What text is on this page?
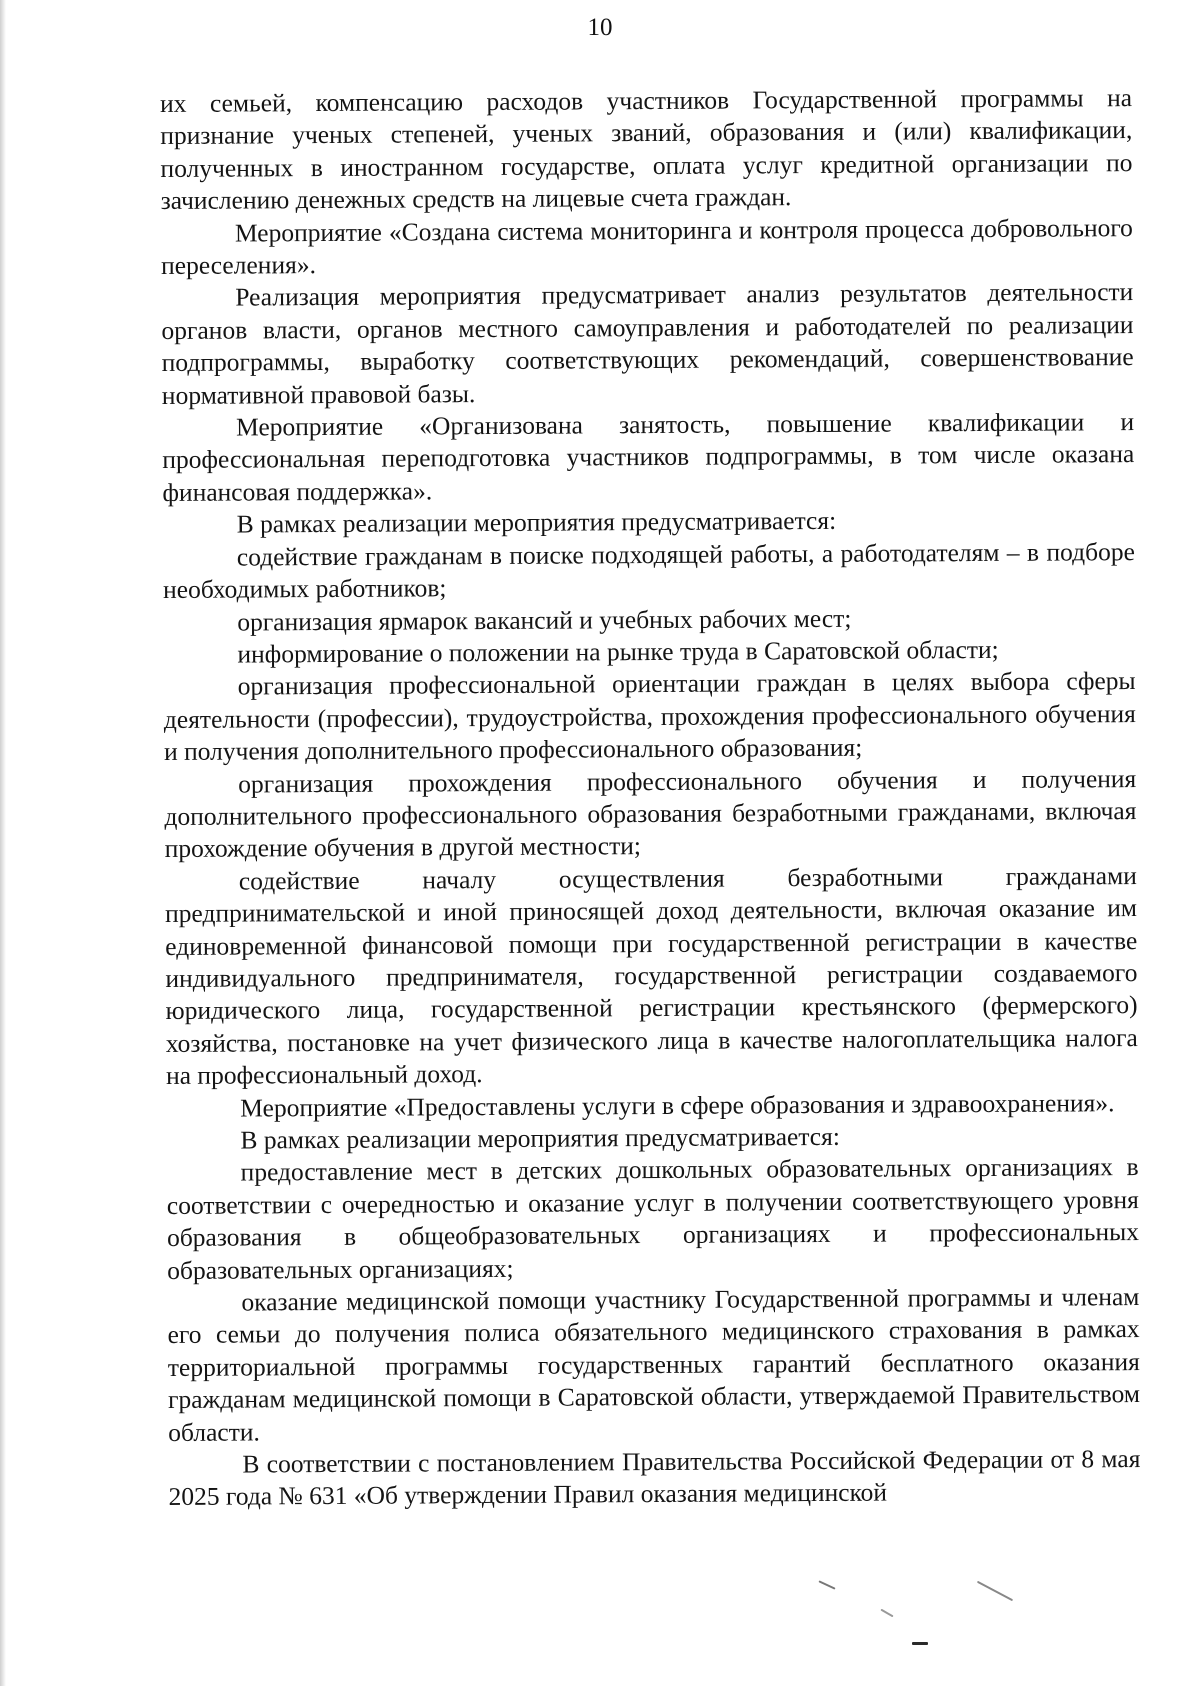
10

их семьей, компенсацию расходов участников Государственной программы на признание ученых степеней, ученых званий, образования и (или) квалификации, полученных в иностранном государстве, оплата услуг кредитной организации по зачислению денежных средств на лицевые счета граждан.

Мероприятие «Создана система мониторинга и контроля процесса добровольного переселения».

Реализация мероприятия предусматривает анализ результатов деятельности органов власти, органов местного самоуправления и работодателей по реализации подпрограммы, выработку соответствующих рекомендаций, совершенствование нормативной правовой базы.

Мероприятие «Организована занятость, повышение квалификации и профессиональная переподготовка участников подпрограммы, в том числе оказана финансовая поддержка».

В рамках реализации мероприятия предусматривается:

содействие гражданам в поиске подходящей работы, а работодателям – в подборе необходимых работников;

организация ярмарок вакансий и учебных рабочих мест;

информирование о положении на рынке труда в Саратовской области;

организация профессиональной ориентации граждан в целях выбора сферы деятельности (профессии), трудоустройства, прохождения профессионального обучения и получения дополнительного профессионального образования;

организация прохождения профессионального обучения и получения дополнительного профессионального образования безработными гражданами, включая прохождение обучения в другой местности;

содействие началу осуществления безработными гражданами предпринимательской и иной приносящей доход деятельности, включая оказание им единовременной финансовой помощи при государственной регистрации в качестве индивидуального предпринимателя, государственной регистрации создаваемого юридического лица, государственной регистрации крестьянского (фермерского) хозяйства, постановке на учет физического лица в качестве налогоплательщика налога на профессиональный доход.

Мероприятие «Предоставлены услуги в сфере образования и здравоохранения».

В рамках реализации мероприятия предусматривается:

предоставление мест в детских дошкольных образовательных организациях в соответствии с очередностью и оказание услуг в получении соответствующего уровня образования в общеобразовательных организациях и профессиональных образовательных организациях;

оказание медицинской помощи участнику Государственной программы и членам его семьи до получения полиса обязательного медицинского страхования в рамках территориальной программы государственных гарантий бесплатного оказания гражданам медицинской помощи в Саратовской области, утверждаемой Правительством области.

В соответствии с постановлением Правительства Российской Федерации от 8 мая 2025 года № 631 «Об утверждении Правил оказания медицинской
